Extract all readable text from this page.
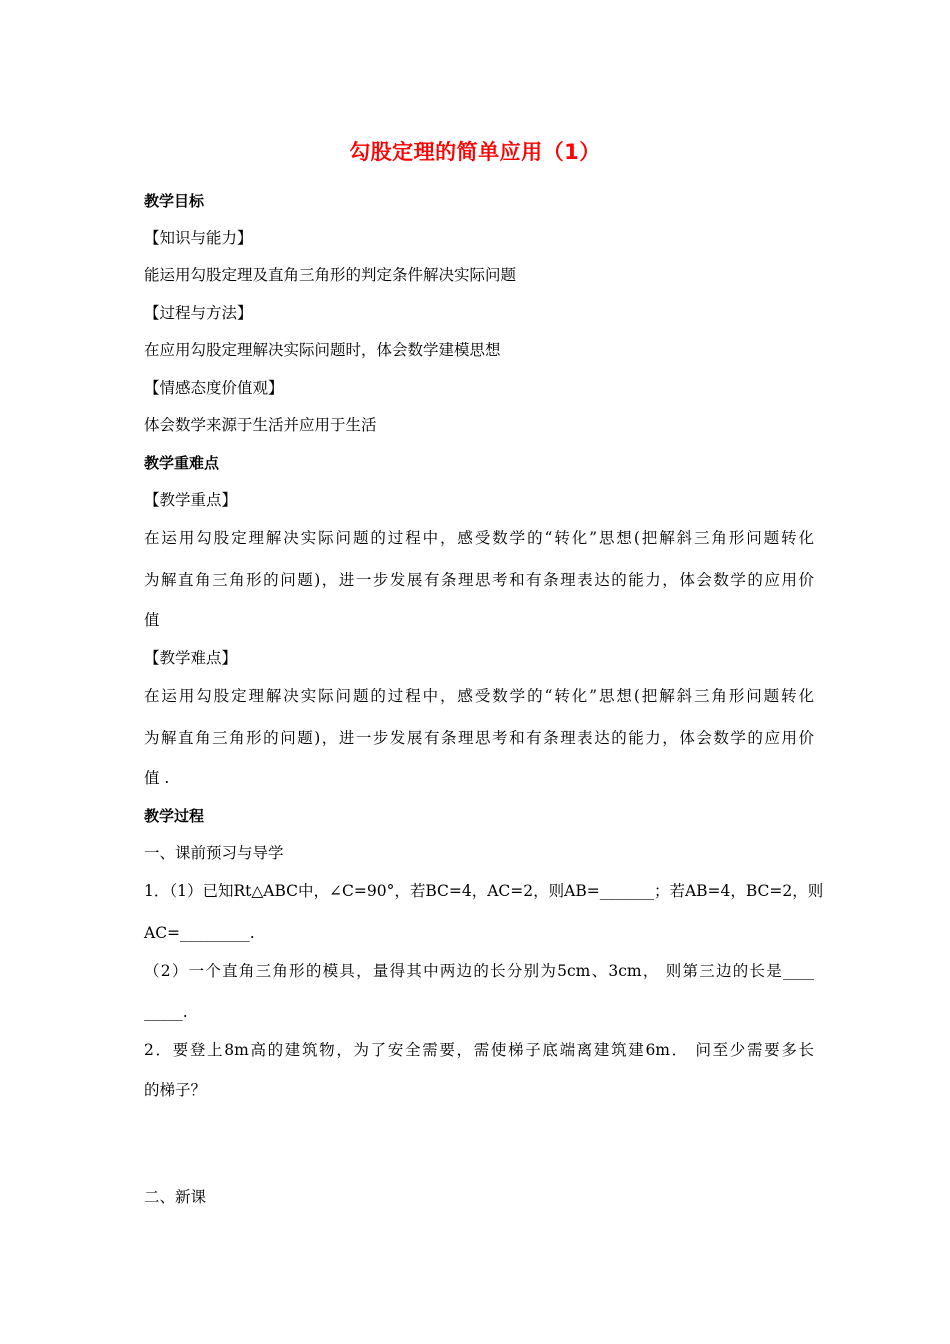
勾股定理的简单应用（1）
教学目标
【知识与能力】
能运用勾股定理及直角三角形的判定条件解决实际问题
【过程与方法】
在应用勾股定理解决实际问题时，体会数学建模思想
【情感态度价值观】
体会数学来源于生活并应用于生活
教学重难点
【教学重点】
在运用勾股定理解决实际问题的过程中，感受数学的“转化”思想(把解斜三角形问题转化
为解直角三角形的问题)，进一步发展有条理思考和有条理表达的能力，体会数学的应用价
值
【教学难点】
在运用勾股定理解决实际问题的过程中，感受数学的“转化”思想(把解斜三角形问题转化
为解直角三角形的问题)，进一步发展有条理思考和有条理表达的能力，体会数学的应用价
值 .
教学过程
一、课前预习与导学
1．（1）已知Rt△ABC中，∠C=90°，若BC=4，AC=2，则AB=_______；若AB=4，BC=2，则
AC=_________.
（2）一个直角三角形的模具，量得其中两边的长分别为5cm、3cm， 则第三边的长是____
_____.
2．要登上8m高的建筑物，为了安全需要，需使梯子底端离建筑建6m． 问至少需要多长
的梯子？
二、新课
